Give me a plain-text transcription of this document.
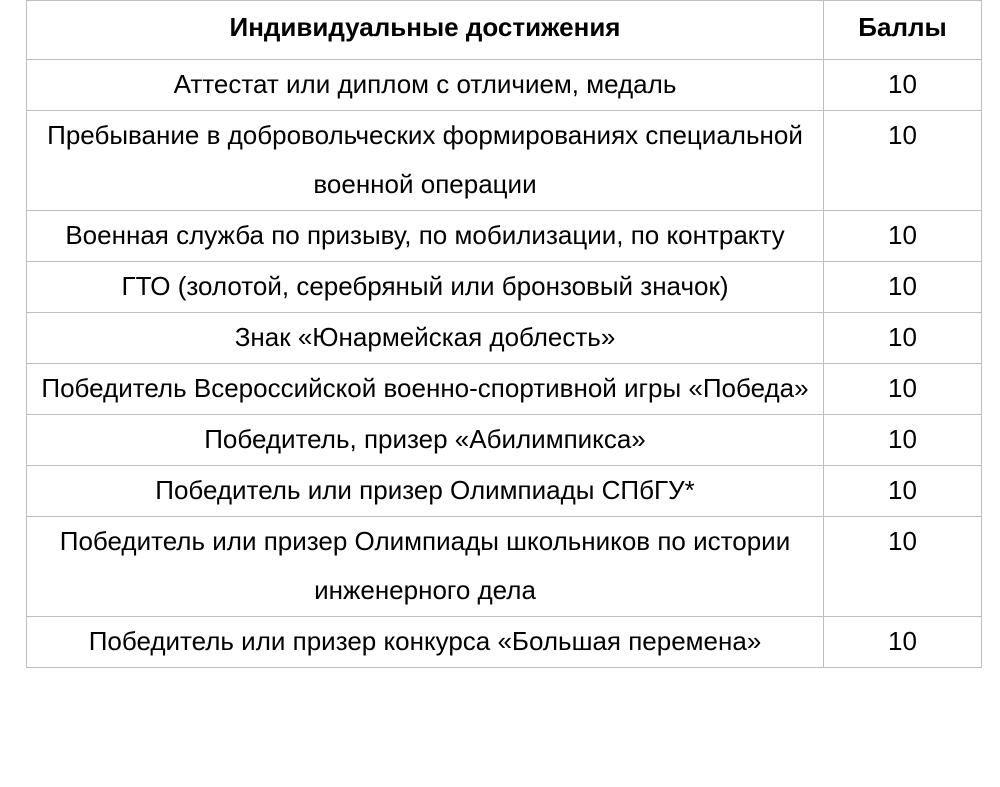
Индивидуальные достижения	Баллы
Аттестат или диплом с отличием, медаль	10
Пребывание в добровольческих формированиях специальной военной операции	10
Военная служба по призыву, по мобилизации, по контракту	10
ГТО (золотой, серебряный или бронзовый значок)	10
Знак «Юнармейская доблесть»	10
Победитель Всероссийской военно-спортивной игры «Победа»	10
Победитель, призер «Абилимпикса»	10
Победитель или призер Олимпиады СПбГУ*	10
Победитель или призер Олимпиады школьников по истории инженерного дела	10
Победитель или призер конкурса «Большая перемена»	10
